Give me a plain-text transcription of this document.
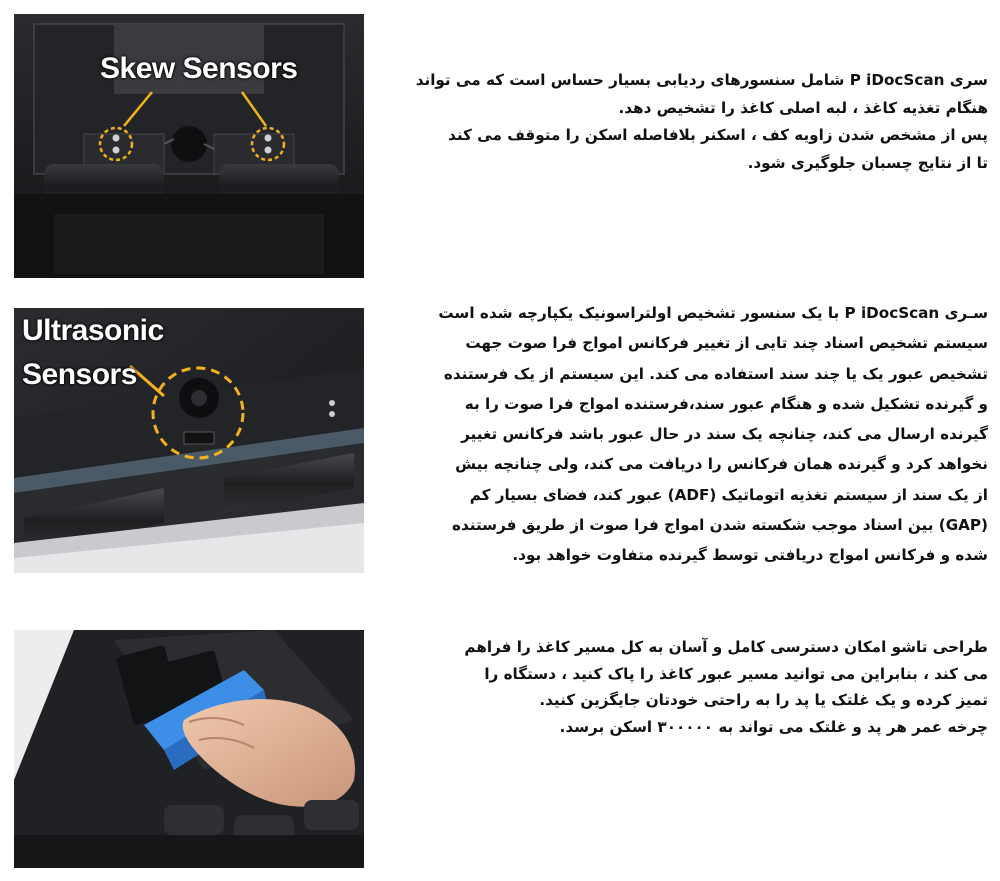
Skew Sensors
Ultrasonic
Sensors
سری P iDocScan شامل سنسورهای ردیابی بسیار حساس است که می تواند
هنگام تغذیه کاغذ ، لبه اصلی کاغذ را تشخیص دهد.
پس از مشخص شدن زاویه کف ، اسکنر بلافاصله اسکن را متوقف می کند
تا از نتایج چسبان جلوگیری شود.
سـری P iDocScan با یک سنسور تشخیص اولتراسونیک یکپارچه شده است
سیستم تشخیص اسناد چند تایی از تغییر فرکانس امواج فرا صوت جهت
تشخیص عبور یک یا چند سند استفاده می کند. این سیستم از یک فرستنده
و گیرنده تشکیل شده و هنگام عبور سند،فرستنده امواج فرا صوت را به
گیرنده ارسال می کند، چنانچه یک سند در حال عبور باشد فرکانس تغییر
نخواهد کرد و گیرنده همان فرکانس را دریافت می کند، ولی چنانچه بیش
از یک سند از سیستم تغذیه اتوماتیک (ADF) عبور کند، فضای بسیار کم
(GAP) بین اسناد موجب شکسته شدن امواج فرا صوت از طریق فرستنده
شده و فرکانس امواج دریافتی توسط گیرنده متفاوت خواهد بود.
طراحی تاشو امکان دسترسی کامل و آسان به کل مسیر کاغذ را فراهم
می کند ، بنابراین می توانید مسیر عبور کاغذ را پاک کنید ، دستگاه را
تمیز کرده و یک غلتک یا پد را به راحتی خودتان جایگزین کنید.
چرخه عمر هر پد و غلتک می تواند به ۳۰۰۰۰۰ اسکن برسد.
